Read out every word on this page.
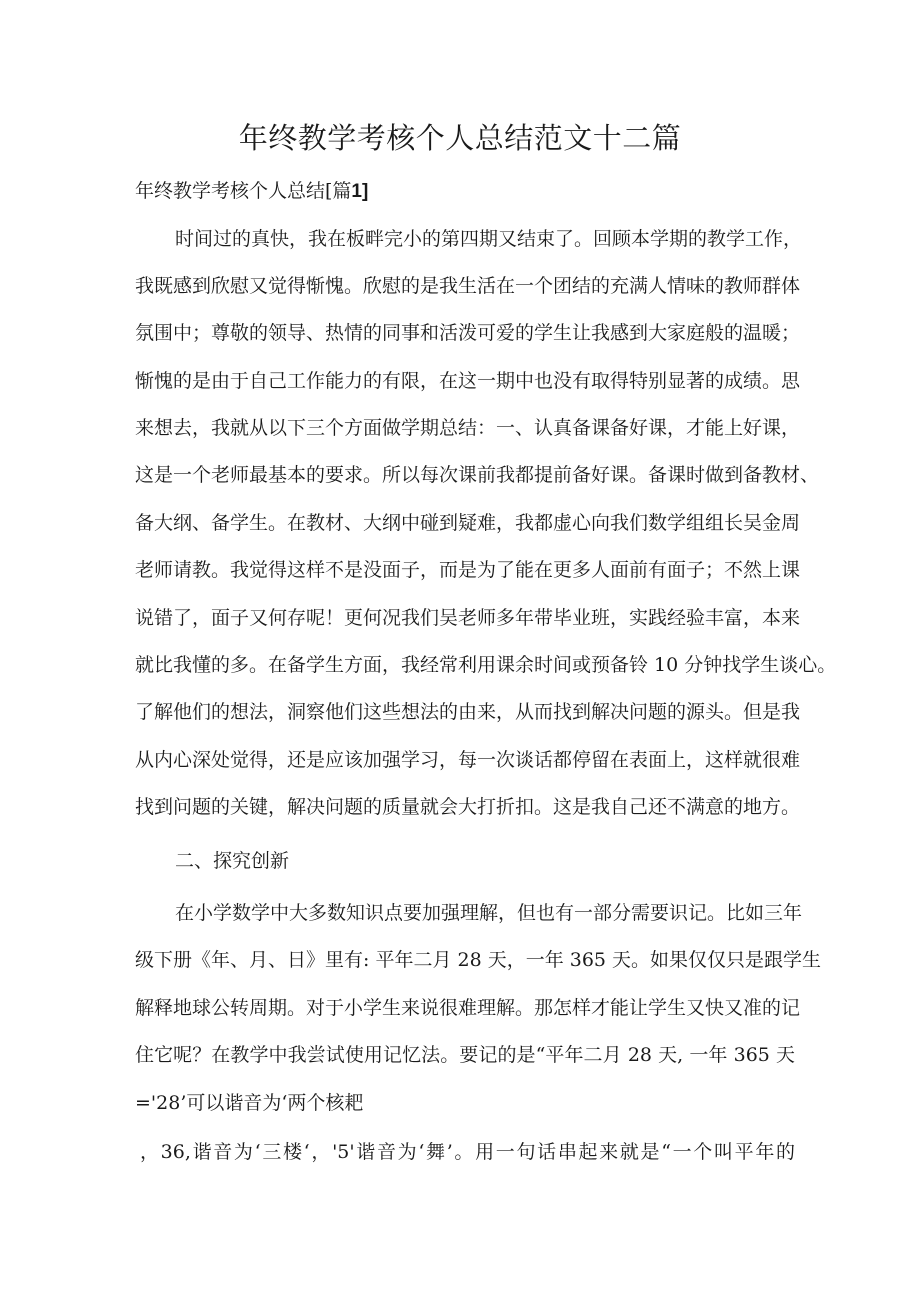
年终教学考核个人总结范文十二篇
年终教学考核个人总结[篇1]
时间过的真快，我在板畔完小的第四期又结束了。回顾本学期的教学工作，
我既感到欣慰又觉得惭愧。欣慰的是我生活在一个团结的充满人情味的教师群体
氛围中；尊敬的领导、热情的同事和活泼可爱的学生让我感到大家庭般的温暖；
惭愧的是由于自己工作能力的有限，在这一期中也没有取得特别显著的成绩。思
来想去，我就从以下三个方面做学期总结：一、认真备课备好课，才能上好课，
这是一个老师最基本的要求。所以每次课前我都提前备好课。备课时做到备教材、
备大纲、备学生。在教材、大纲中碰到疑难，我都虚心向我们数学组组长吴金周
老师请教。我觉得这样不是没面子，而是为了能在更多人面前有面子；不然上课
说错了，面子又何存呢！更何况我们吴老师多年带毕业班，实践经验丰富，本来
就比我懂的多。在备学生方面，我经常利用课余时间或预备铃 10 分钟找学生谈心。
了解他们的想法，洞察他们这些想法的由来，从而找到解决问题的源头。但是我
从内心深处觉得，还是应该加强学习，每一次谈话都停留在表面上，这样就很难
找到问题的关键，解决问题的质量就会大打折扣。这是我自己还不满意的地方。
二、探究创新
在小学数学中大多数知识点要加强理解，但也有一部分需要识记。比如三年
级下册《年、月、日》里有: 平年二月 28 天，一年 365 天。如果仅仅只是跟学生
解释地球公转周期。对于小学生来说很难理解。那怎样才能让学生又快又准的记
住它呢？在教学中我尝试使用记忆法。要记的是“平年二月 28 天, 一年 365 天
='28’可以谐音为‘两个核耙
，36,谐音为‘三楼‘，'5'谐音为‘舞’。用一句话串起来就是“一个叫平年的
